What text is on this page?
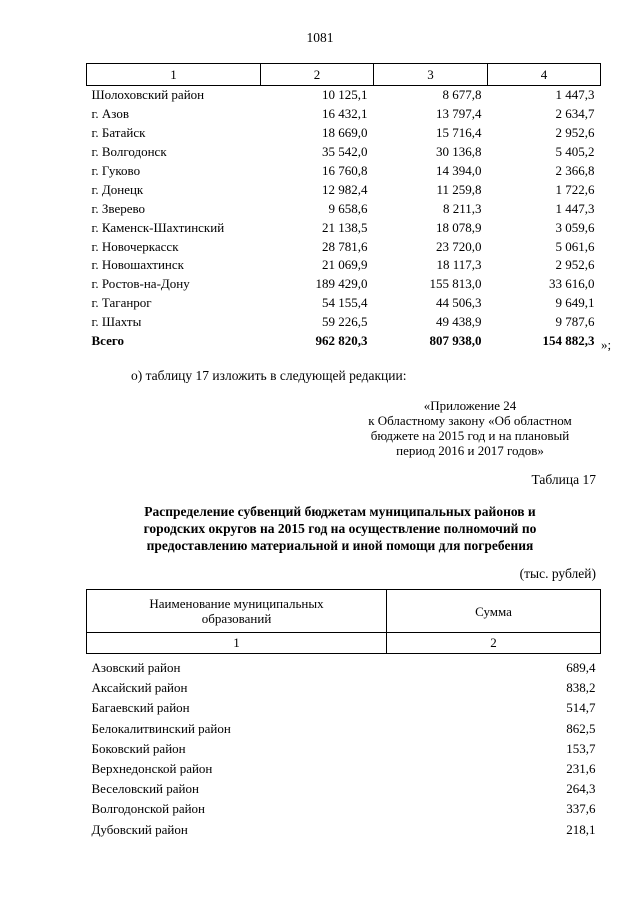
1081
1	2	3	4
Шолоховский район	10 125,1	8 677,8	1 447,3
г. Азов	16 432,1	13 797,4	2 634,7
г. Батайск	18 669,0	15 716,4	2 952,6
г. Волгодонск	35 542,0	30 136,8	5 405,2
г. Гуково	16 760,8	14 394,0	2 366,8
г. Донецк	12 982,4	11 259,8	1 722,6
г. Зверево	9 658,6	8 211,3	1 447,3
г. Каменск-Шахтинский	21 138,5	18 078,9	3 059,6
г. Новочеркасск	28 781,6	23 720,0	5 061,6
г. Новошахтинск	21 069,9	18 117,3	2 952,6
г. Ростов-на-Дону	189 429,0	155 813,0	33 616,0
г. Таганрог	54 155,4	44 506,3	9 649,1
г. Шахты	59 226,5	49 438,9	9 787,6
Всего	962 820,3	807 938,0	154 882,3 »;
о) таблицу 17 изложить в следующей редакции:
«Приложение 24
к Областному закону «Об областном
бюджете на 2015 год и на плановый
период 2016 и 2017 годов»
Таблица 17
Распределение субвенций бюджетам муниципальных районов и
городских округов на 2015 год на осуществление полномочий по
предоставлению материальной и иной помощи для погребения
(тыс. рублей)
Наименование муниципальных
образований	Сумма
1	2

Азовский район	689,4
Аксайский район	838,2
Багаевский район	514,7
Белокалитвинский район	862,5
Боковский район	153,7
Верхнедонской район	231,6
Веселовский район	264,3
Волгодонской район	337,6
Дубовский район	218,1
